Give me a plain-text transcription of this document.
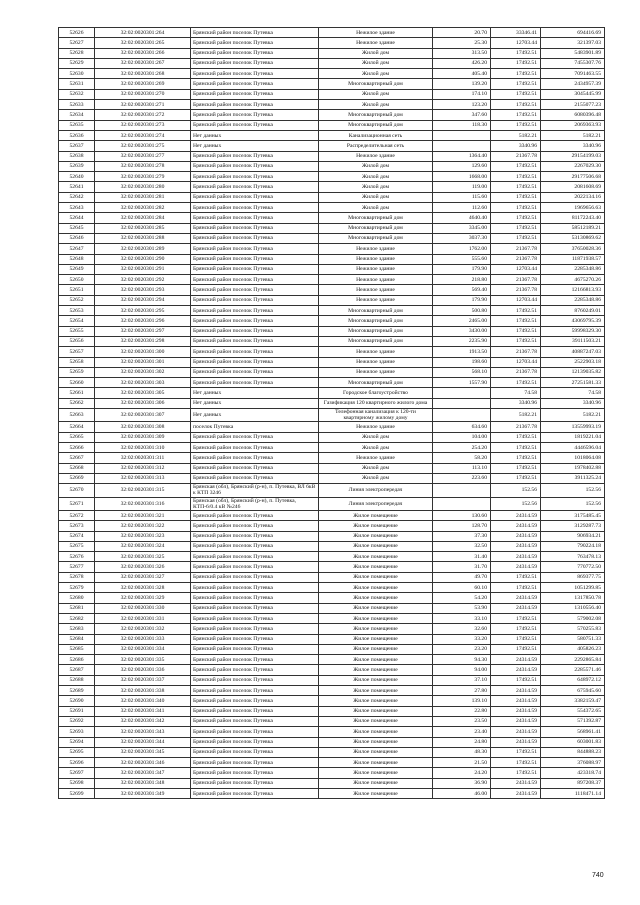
52626	32:02:0020301:264	Брянский район поселок Путевка	Нежилое здание	20.70	33346.41	694416.69
52627	32:02:0020301:265	Брянский район поселок Путевка	Нежилое здание	25.30	12703.44	321397.03
52628	32:02:0020301:266	Брянский район поселок Путевка	Жилой дом	313.50	17492.51	5483901.89
52629	32:02:0020301:267	Брянский район поселок Путевка	Жилой дом	426.20	17492.51	7455307.76
52630	32:02:0020301:268	Брянский район поселок Путевка	Жилой дом	405.40	17492.51	7091463.55
52631	32:02:0020301:269	Брянский район поселок Путевка	Многоквартирный дом	139.20	17492.51	2434957.39
52632	32:02:0020301:270	Брянский район поселок Путевка	Жилой дом	174.10	17492.51	3045445.99
52633	32:02:0020301:271	Брянский район поселок Путевка	Жилой дом	123.20	17492.51	2155077.23
52634	32:02:0020301:272	Брянский район поселок Путевка	Многоквартирный дом	347.60	17492.51	6080396.48
52635	32:02:0020301:273	Брянский район поселок Путевка	Многоквартирный дом	118.30	17492.51	2069363.93
52636	32:02:0020301:274	Нет данных	Канализационная сеть		5182.21	5182.21
52637	32:02:0020301:275	Нет данных	Распределительная сеть		3340.96	3340.96
52638	32:02:0020301:277	Брянский район поселок Путевка	Нежилое здание	1364.40	21367.78	29154199.03
52639	32:02:0020301:278	Брянский район поселок Путевка	Жилой дом	129.60	17492.51	2267029.30
52640	32:02:0020301:279	Брянский район поселок Путевка	Жилой дом	1668.00	17492.51	29177506.68
52641	32:02:0020301:280	Брянский район поселок Путевка	Жилой дом	119.00	17492.51	2081608.69
52642	32:02:0020301:281	Брянский район поселок Путевка	Жилой дом	115.60	17492.51	2022134.16
52643	32:02:0020301:282	Брянский район поселок Путевка	Жилой дом	112.60	17492.51	1969656.63
52644	32:02:0020301:284	Брянский район поселок Путевка	Многоквартирный дом	4640.40	17492.51	81172243.40
52645	32:02:0020301:285	Брянский район поселок Путевка	Многоквартирный дом	3345.00	17492.51	58512189.21
52646	32:02:0020301:288	Брянский район поселок Путевка	Многоквартирный дом	3037.30	17492.51	53130869.62
52647	32:02:0020301:289	Брянский район поселок Путевка	Нежилое здание	1762.00	21367.78	37650028.36
52648	32:02:0020301:290	Брянский район поселок Путевка	Нежилое здание	555.60	21367.78	11871938.57
52649	32:02:0020301:291	Брянский район поселок Путевка	Нежилое здание	179.90	12703.44	2285348.86
52650	32:02:0020301:292	Брянский район поселок Путевка	Нежилое здание	218.80	21367.78	4675270.26
52651	32:02:0020301:293	Брянский район поселок Путевка	Нежилое здание	569.40	21367.78	12166813.93
52652	32:02:0020301:294	Брянский район поселок Путевка	Нежилое здание	179.90	12703.44	2285348.86
52653	32:02:0020301:295	Брянский район поселок Путевка	Многоквартирный дом	500.80	17492.51	8760249.01
52654	32:02:0020301:296	Брянский район поселок Путевка	Многоквартирный дом	2465.00	17492.51	43069795.39
52655	32:02:0020301:297	Брянский район поселок Путевка	Многоквартирный дом	3430.00	17492.51	59998329.30
52656	32:02:0020301:298	Брянский район поселок Путевка	Многоквартирный дом	2235.90	17492.51	39111503.21
52657	32:02:0020301:300	Брянский район поселок Путевка	Нежилое здание	1913.50	21367.78	40887247.03
52658	32:02:0020301:301	Брянский район поселок Путевка	Нежилое здание	198.60	12703.44	2522903.18
52659	32:02:0020301:302	Брянский район поселок Путевка	Нежилое здание	568.10	21367.78	12139035.82
52660	32:02:0020301:303	Брянский район поселок Путевка	Многоквартирный дом	1557.90	17492.51	27251581.33
52661	32:02:0020301:305	Нет данных	Городское благоустройство		74.58	74.58
52662	32:02:0020301:306	Нет данных	Газификация 120 квартирного жилого дома		3340.96	3340.96
52663	32:02:0020301:307	Нет данных	Телефонная канализация к 120-ти квартирному жилому дому		5182.21	5182.21
52664	32:02:0020301:308	поселок Путевка	Нежилое здание	634.60	21367.78	13559993.19
52665	32:02:0020301:309	Брянский район поселок Путевка	Жилой дом	104.00	17492.51	1819221.04
52666	32:02:0020301:310	Брянский район поселок Путевка	Жилой дом	254.20	17492.51	4446596.04
52667	32:02:0020301:311	Брянский район поселок Путевка	Нежилое здание	58.20	17492.51	1018064.08
52668	32:02:0020301:312	Брянский район поселок Путевка	Жилой дом	113.10	17492.51	1978402.88
52669	32:02:0020301:313	Брянский район поселок Путевка	Жилой дом	223.60	17492.51	3911325.24
52670	32:02:0020301:315	Брянская (обл), Брянский (р-н), п. Путевка, ВЛ 6кВ к КТП 3246	Линия электропередач		152.56	152.56
52671	32:02:0020301:316	Брянская (обл), Брянский (р-н), п. Путевка, КТП-6/0.4 кВ №246	Линия электропередач		152.56	152.56
52672	32:02:0020301:321	Брянский район поселок Путевка	Жилое помещение	130.60	24314.59	3175485.45
52673	32:02:0020301:322	Брянский район поселок Путевка	Жилое помещение	128.70	24314.59	3129287.73
52674	32:02:0020301:323	Брянский район поселок Путевка	Жилое помещение	37.30	24314.59	906934.21
52675	32:02:0020301:324	Брянский район поселок Путевка	Жилое помещение	32.50	24314.59	790224.18
52676	32:02:0020301:325	Брянский район поселок Путевка	Жилое помещение	31.40	24314.59	763478.13
52677	32:02:0020301:326	Брянский район поселок Путевка	Жилое помещение	31.70	24314.59	770772.50
52678	32:02:0020301:327	Брянский район поселок Путевка	Жилое помещение	49.70	17492.51	869377.75
52679	32:02:0020301:328	Брянский район поселок Путевка	Жилое помещение	60.10	17492.51	1051299.85
52680	32:02:0020301:329	Брянский район поселок Путевка	Жилое помещение	54.20	24314.59	1317850.78
52681	32:02:0020301:330	Брянский район поселок Путевка	Жилое помещение	53.90	24314.59	1310556.40
52682	32:02:0020301:331	Брянский район поселок Путевка	Жилое помещение	33.10	17492.51	579002.08
52683	32:02:0020301:332	Брянский район поселок Путевка	Жилое помещение	32.60	17492.51	570255.83
52684	32:02:0020301:333	Брянский район поселок Путевка	Жилое помещение	33.20	17492.51	580751.33
52685	32:02:0020301:334	Брянский район поселок Путевка	Жилое помещение	23.20	17492.51	405826.23
52686	32:02:0020301:335	Брянский район поселок Путевка	Жилое помещение	94.30	24314.59	2292865.84
52687	32:02:0020301:336	Брянский район поселок Путевка	Жилое помещение	94.00	24314.59	2285571.46
52688	32:02:0020301:337	Брянский район поселок Путевка	Жилое помещение	37.10	17492.51	648972.12
52689	32:02:0020301:338	Брянский район поселок Путевка	Жилое помещение	27.80	24314.59	675945.60
52690	32:02:0020301:340	Брянский район поселок Путевка	Жилое помещение	139.10	24314.59	3382159.47
52691	32:02:0020301:341	Брянский район поселок Путевка	Жилое помещение	22.80	24314.59	554372.65
52692	32:02:0020301:342	Брянский район поселок Путевка	Жилое помещение	23.50	24314.59	571392.87
52693	32:02:0020301:343	Брянский район поселок Путевка	Жилое помещение	23.40	24314.59	568961.41
52694	32:02:0020301:344	Брянский район поселок Путевка	Жилое помещение	24.80	24314.59	603001.83
52695	32:02:0020301:345	Брянский район поселок Путевка	Жилое помещение	48.30	17492.51	844888.23
52696	32:02:0020301:346	Брянский район поселок Путевка	Жилое помещение	21.50	17492.51	376088.97
52697	32:02:0020301:347	Брянский район поселок Путевка	Жилое помещение	24.20	17492.51	423318.74
52698	32:02:0020301:348	Брянский район поселок Путевка	Жилое помещение	36.90	24314.59	897208.37
52699	32:02:0020301:349	Брянский район поселок Путевка	Жилое помещение	46.00	24314.59	1118471.14
740
